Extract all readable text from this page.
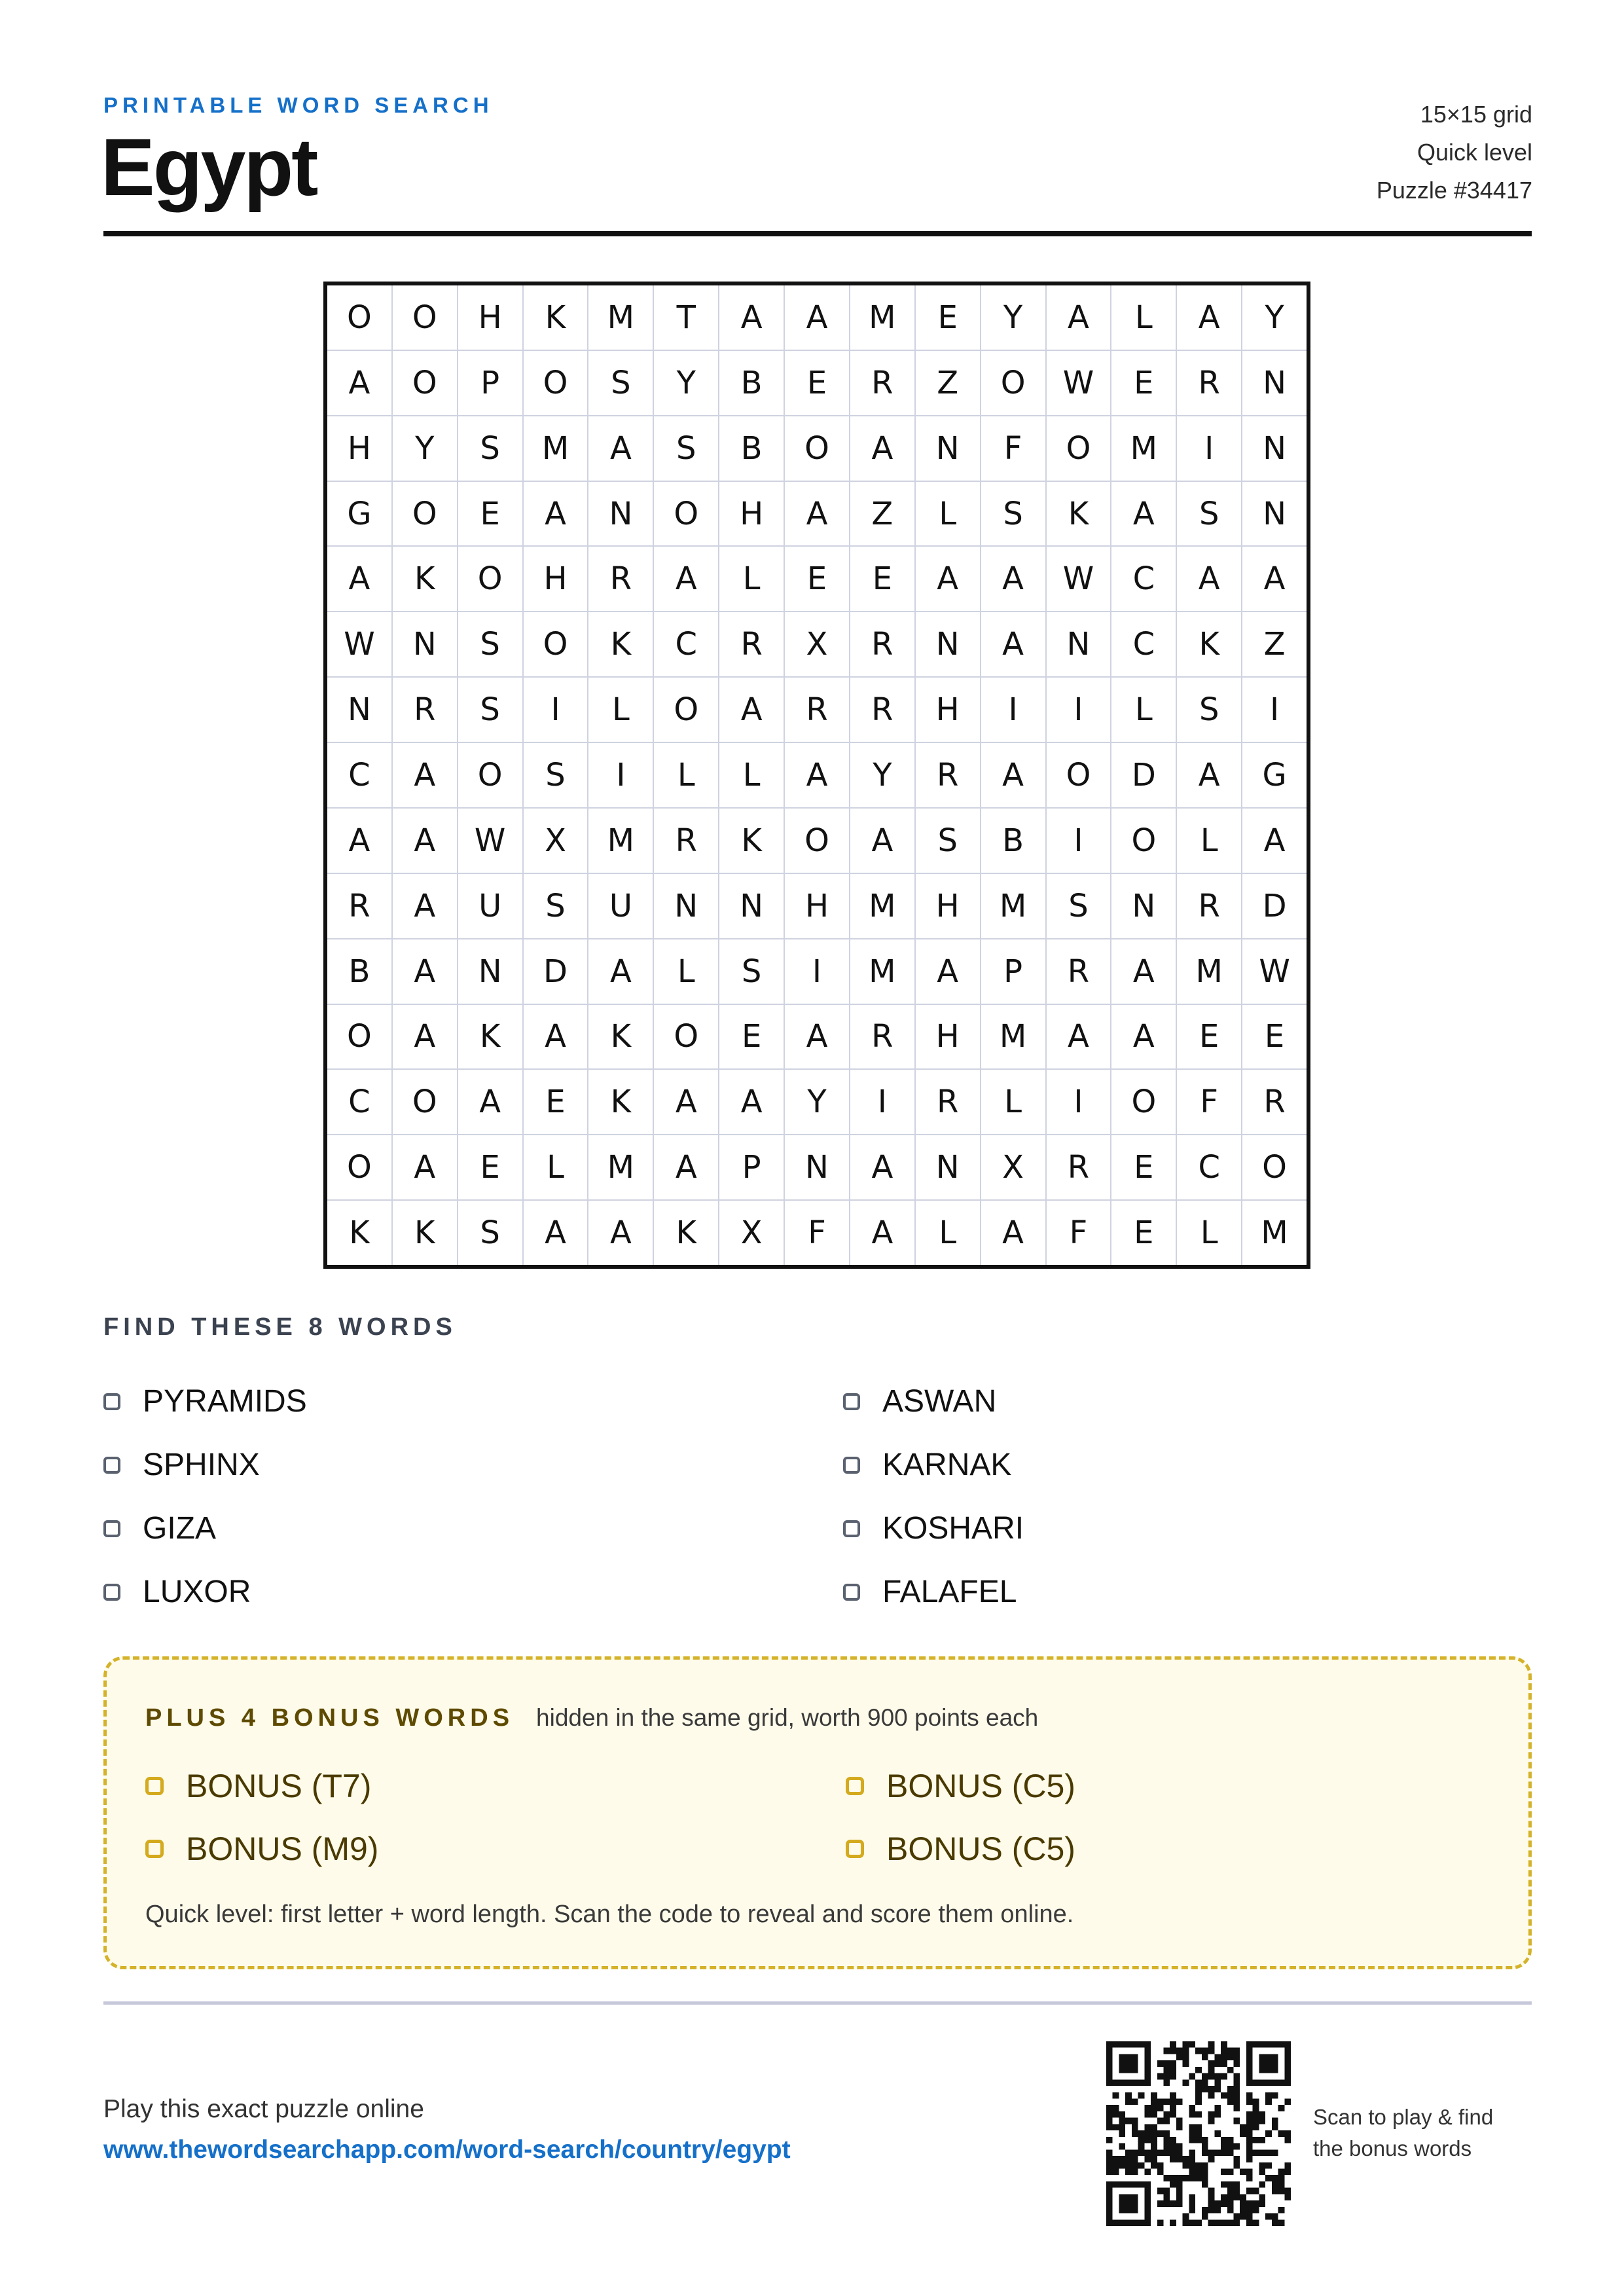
PRINTABLE WORD SEARCH
Egypt
15×15 grid
Quick level
Puzzle #34417
O	O	H	K	M	T	A	A	M	E	Y	A	L	A	Y
A	O	P	O	S	Y	B	E	R	Z	O	W	E	R	N
H	Y	S	M	A	S	B	O	A	N	F	O	M	I	N
G	O	E	A	N	O	H	A	Z	L	S	K	A	S	N
A	K	O	H	R	A	L	E	E	A	A	W	C	A	A
W	N	S	O	K	C	R	X	R	N	A	N	C	K	Z
N	R	S	I	L	O	A	R	R	H	I	I	L	S	I
C	A	O	S	I	L	L	A	Y	R	A	O	D	A	G
A	A	W	X	M	R	K	O	A	S	B	I	O	L	A
R	A	U	S	U	N	N	H	M	H	M	S	N	R	D
B	A	N	D	A	L	S	I	M	A	P	R	A	M	W
O	A	K	A	K	O	E	A	R	H	M	A	A	E	E
C	O	A	E	K	A	A	Y	I	R	L	I	O	F	R
O	A	E	L	M	A	P	N	A	N	X	R	E	C	O
K	K	S	A	A	K	X	F	A	L	A	F	E	L	M
FIND THESE 8 WORDS
PYRAMIDS	ASWAN
SPHINX	KARNAK
GIZA	KOSHARI
LUXOR	FALAFEL
PLUS 4 BONUS WORDS hidden in the same grid, worth 900 points each
BONUS (T7)	BONUS (C5)
BONUS (M9)	BONUS (C5)
Quick level: first letter + word length. Scan the code to reveal and score them online.
Play this exact puzzle online
www.thewordsearchapp.com/word-search/country/egypt
Scan to play & find
the bonus words
